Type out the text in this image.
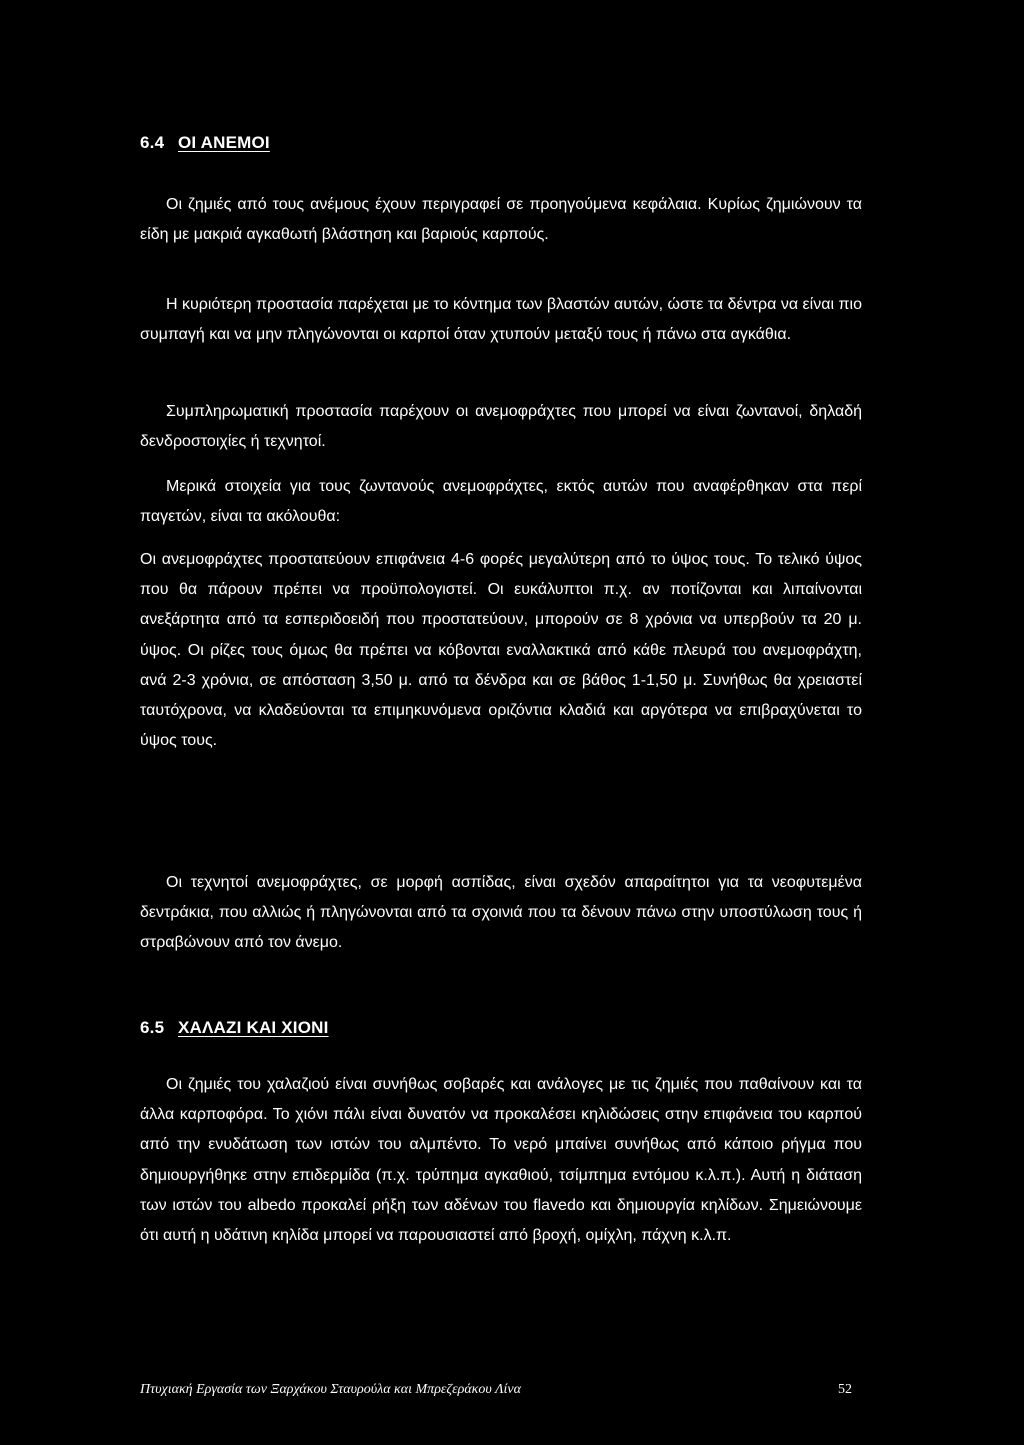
6.4 ΟΙ ΑΝΕΜΟΙ

Οι ζημιές από τους ανέμους έχουν περιγραφεί σε προηγούμενα κεφάλαια. Κυρίως ζημιώνουν τα είδη με μακριά αγκαθωτή βλάστηση και βαριούς καρπούς.

Η κυριότερη προστασία παρέχεται με το κόντημα των βλαστών αυτών, ώστε τα δέντρα να είναι πιο συμπαγή και να μην πληγώνονται οι καρποί όταν χτυπούν μεταξύ τους ή πάνω στα αγκάθια.

Συμπληρωματική προστασία παρέχουν οι ανεμοφράχτες που μπορεί να είναι ζωντανοί, δηλαδή δενδροστοιχίες ή τεχνητοί.

Μερικά στοιχεία για τους ζωντανούς ανεμοφράχτες, εκτός αυτών που αναφέρθηκαν στα περί παγετών, είναι τα ακόλουθα:

Οι ανεμοφράχτες προστατεύουν επιφάνεια 4-6 φορές μεγαλύτερη από το ύψος τους. Το τελικό ύψος που θα πάρουν πρέπει να προϋπολογιστεί. Οι ευκάλυπτοι π.χ. αν ποτίζονται και λιπαίνονται ανεξάρτητα από τα εσπεριδοειδή που προστατεύουν, μπορούν σε 8 χρόνια να υπερβούν τα 20 μ. ύψος. Οι ρίζες τους όμως θα πρέπει να κόβονται εναλλακτικά από κάθε πλευρά του ανεμοφράχτη, ανά 2-3 χρόνια, σε απόσταση 3,50 μ. από τα δένδρα και σε βάθος 1-1,50 μ. Συνήθως θα χρειαστεί ταυτόχρονα, να κλαδεύονται τα επιμηκυνόμενα οριζόντια κλαδιά και αργότερα να επιβραχύνεται το ύψος τους.

Οι τεχνητοί ανεμοφράχτες, σε μορφή ασπίδας, είναι σχεδόν απαραίτητοι για τα νεοφυτεμένα δεντράκια, που αλλιώς ή πληγώνονται από τα σχοινιά που τα δένουν πάνω στην υποστύλωση τους ή στραβώνουν από τον άνεμο.

6.5 ΧΑΛΑΖΙ ΚΑΙ ΧΙΟΝΙ

Οι ζημιές του χαλαζιού είναι συνήθως σοβαρές και ανάλογες με τις ζημιές που παθαίνουν και τα άλλα καρποφόρα. Το χιόνι πάλι είναι δυνατόν να προκαλέσει κηλιδώσεις στην επιφάνεια του καρπού από την ενυδάτωση των ιστών του αλμπέντο. Το νερό μπαίνει συνήθως από κάποιο ρήγμα που δημιουργήθηκε στην επιδερμίδα (π.χ. τρύπημα αγκαθιού, τσίμπημα εντόμου κ.λ.π.). Αυτή η διάταση των ιστών του albedo προκαλεί ρήξη των αδένων του flavedo και δημιουργία κηλίδων. Σημειώνουμε ότι αυτή η υδάτινη κηλίδα μπορεί να παρουσιαστεί από βροχή, ομίχλη, πάχνη κ.λ.π.

Πτυχιακή Εργασία των Ξαρχάκου Σταυρούλα και Μπρεζεράκου Λίνα	52
